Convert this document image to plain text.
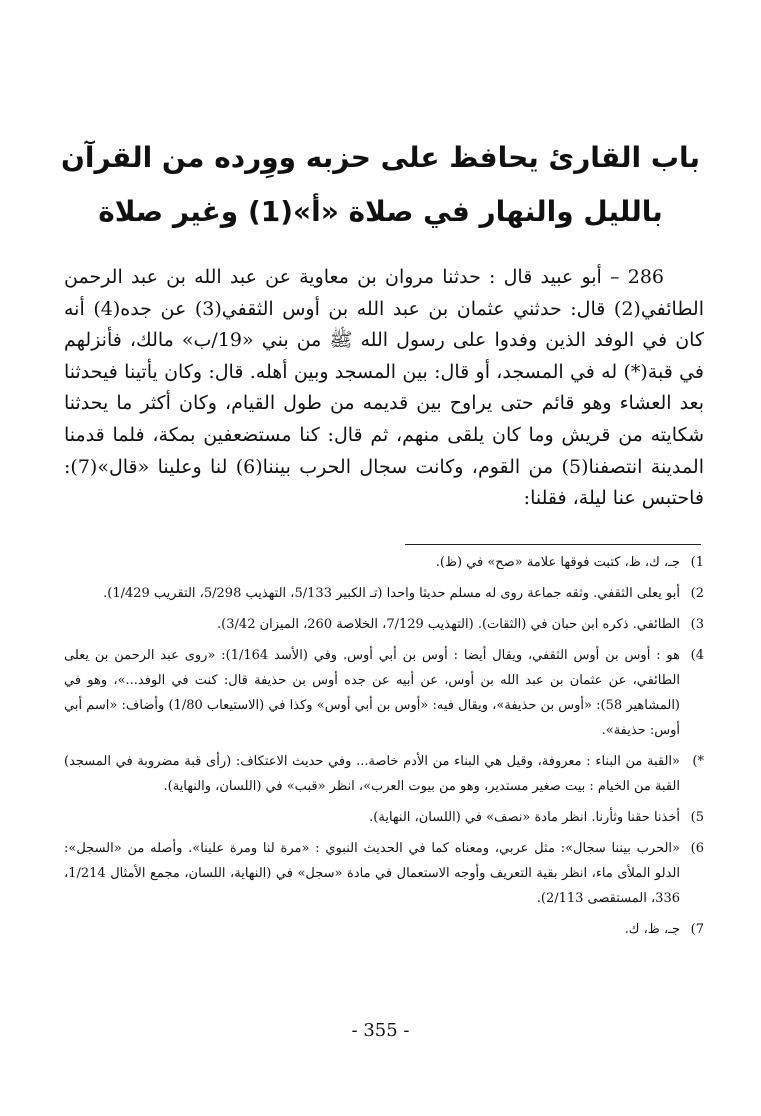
باب القارئ يحافظ على حزبه ووِرده من القرآن
بالليل والنهار في صلاة «أ»(1) وغير صلاة

286 – أبو عبيد قال : حدثنا مروان بن معاوية عن عبد الله بن عبد الرحمن الطائفي(2) قال: حدثني عثمان بن عبد الله بن أوس الثقفي(3) عن جده(4) أنه كان في الوفد الذين وفدوا على رسول الله ﷺ من بني «19/ب» مالك، فأنزلهم في قبة(*) له في المسجد، أو قال: بين المسجد وبين أهله. قال: وكان يأتينا فيحدثنا بعد العشاء وهو قائم حتى يراوح بين قديمه من طول القيام، وكان أكثر ما يحدثنا شكايته من قريش وما كان يلقى منهم، ثم قال: كنا مستضعفين بمكة، فلما قدمنا المدينة انتصفنا(5) من القوم، وكانت سجال الحرب بيننا(6) لنا وعلينا «قال»(7): فاحتبس عنا ليلة، فقلنا:

1)
جـ، ك، ظ، كتبت فوقها علامة «صح» في (ظ).
2)
أبو يعلى الثقفي. وثقه جماعة روى له مسلم حديثا واحدا (تـ الكبير 5/133، التهذيب 5/298، التقريب 1/429).
3)
الطائفي. ذكره ابن حبان في (الثقات). (التهذيب 7/129، الخلاصة 260، الميزان 3/42).
4)
هو : أوس بن أوس الثقفي، ويقال أيضا : أوس بن أبي أوس. وفي (الأسد 1/164): «روى عبد الرحمن بن يعلى الطائفي، عن عثمان بن عبد الله بن أوس، عن أبيه عن جده أوس بن حذيفة قال: كنت في الوفد...»، وهو في (المشاهير 58): «أوس بن حذيفة»، ويقال فيه: «أوس بن أبي أوس» وكذا في (الاستيعاب 1/80) وأضاف: «اسم أبي أوس: حذيفة».
*)
«القبة من البناء : معروفة، وقيل هي البناء من الأدم خاصة... وفي حديث الاعتكاف: (رأى قبة مضروبة في المسجد) القبة من الخيام : بيت صغير مستدير، وهو من بيوت العرب»، انظر «قبب» في (اللسان، والنهاية).
5)
أخذنا حقنا وثأرنا. انظر مادة «نصف» في (اللسان، النهاية).
6)
«الحرب بيننا سجال»: مثل عربي، ومعناه كما في الحديث النبوي : «مرة لنا ومرة علينا». وأصله من «السجل»: الدلو الملأى ماء، انظر بقية التعريف وأوجه الاستعمال في مادة «سجل» في (النهاية، اللسان، مجمع الأمثال 1/214، 336، المستقصى 2/113).
7)
جـ، ظ، ك.
- 355 -
